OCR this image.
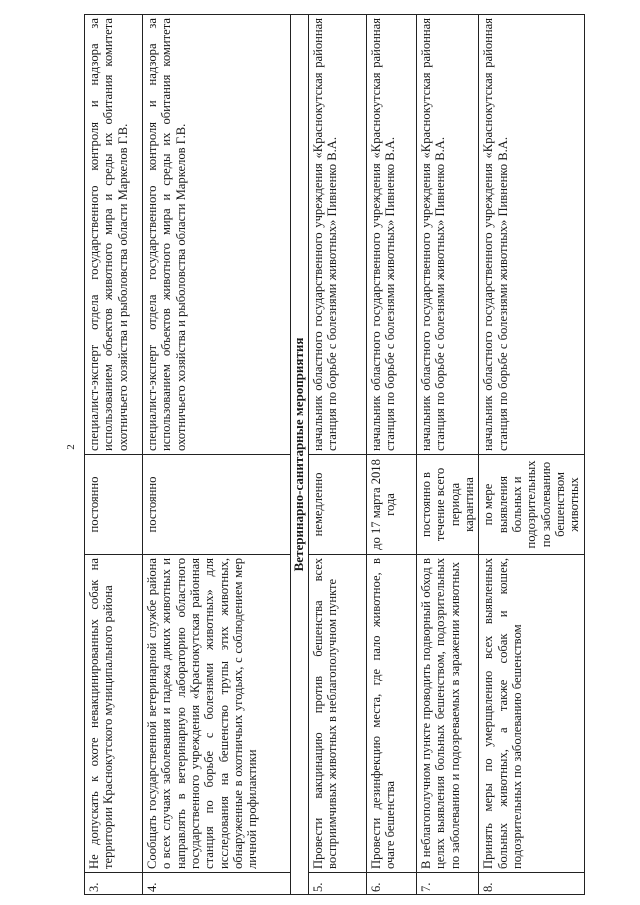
2
3.	Не допускать к охоте невакцинированных собак на территории Краснокутского муниципального района	постоянно	специалист-эксперт отдела государственного контроля и надзора за использованием объектов животного мира и среды их обитания комитета охотничьего хозяйства и рыболовства области Маркелов Г.В.
4.	Сообщать государственной ветеринарной службе района о всех случаях заболевания и падежа диких животных и направлять в ветеринарную лабораторию областного государственного учреждения «Краснокутская районная станция по борьбе с болезнями животных» для исследования на бешенство трупы этих животных, обнаруженные в охотничьих угодьях, с соблюдением мер личной профилактики	постоянно	специалист-эксперт отдела государственного контроля и надзора за использованием объектов животного мира и среды их обитания комитета охотничьего хозяйства и рыболовства области Маркелов Г.В.
Ветеринарно-санитарные мероприятия			
5.	Провести вакцинацию против бешенства всех восприимчивых животных в неблагополучном пункте	немедленно	начальник областного государственного учреждения «Краснокутская районная станция по борьбе с болезнями животных» Пивненко В.А.
6.	Провести дезинфекцию места, где пало животное, в очаге бешенства	до 17 марта 2018 года	начальник областного государственного учреждения «Краснокутская районная станция по борьбе с болезнями животных» Пивненко В.А.
7.	В неблагополучном пункте проводить подворный обход в целях выявления больных бешенством, подозрительных по заболеванию и подозреваемых в заражении животных	постоянно в течение всего периода карантина	начальник областного государственного учреждения «Краснокутская районная станция по борьбе с болезнями животных» Пивненко В.А.
8.	Принять меры по умерщвлению всех выявленных больных животных, а также собак и кошек, подозрительных по заболеванию бешенством	по мере выявления больных и подозрительных по заболеванию бешенством животных	начальник областного государственного учреждения «Краснокутская районная станция по борьбе с болезнями животных» Пивненко В.А.
